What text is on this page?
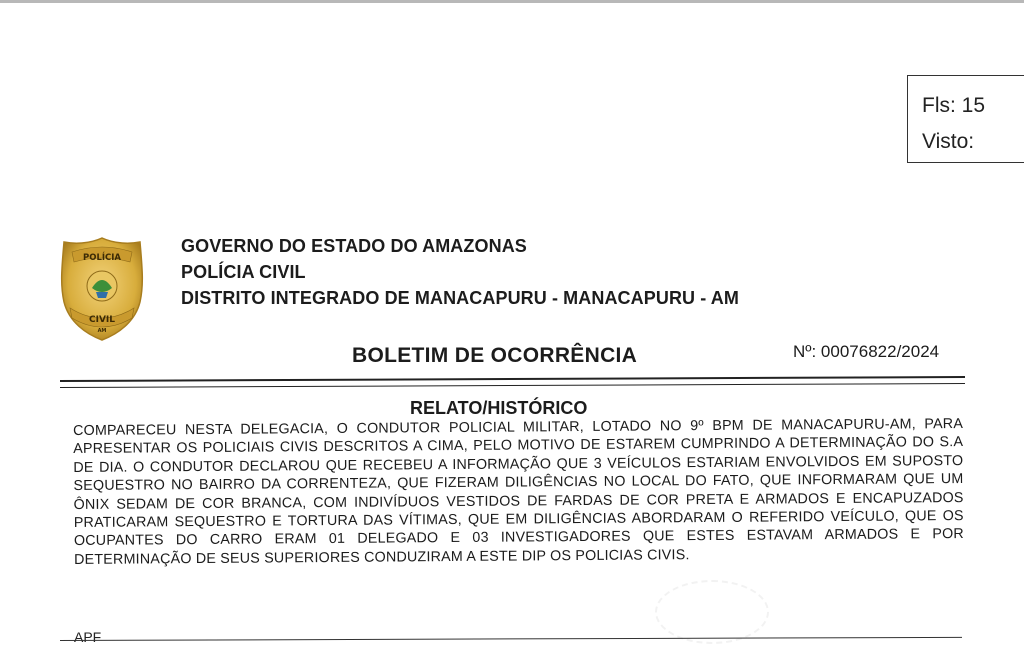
Fls: 15
Visto:
POLÍCIA
CIVIL
AM
GOVERNO DO ESTADO DO AMAZONAS
POLÍCIA CIVIL
DISTRITO INTEGRADO DE MANACAPURU - MANACAPURU - AM
BOLETIM DE OCORRÊNCIA	Nº: 00076822/2024
RELATO/HISTÓRICO
COMPARECEU NESTA DELEGACIA, O CONDUTOR POLICIAL MILITAR, LOTADO NO 9º BPM DE MANACAPURU-AM, PARA APRESENTAR OS POLICIAIS CIVIS DESCRITOS A CIMA, PELO MOTIVO DE ESTAREM CUMPRINDO A DETERMINAÇÃO DO S.A DE DIA. O CONDUTOR DECLAROU QUE RECEBEU A INFORMAÇÃO QUE 3 VEÍCULOS ESTARIAM ENVOLVIDOS EM SUPOSTO SEQUESTRO NO BAIRRO DA CORRENTEZA, QUE FIZERAM DILIGÊNCIAS NO LOCAL DO FATO, QUE INFORMARAM QUE UM ÔNIX SEDAM DE COR BRANCA, COM INDIVÍDUOS VESTIDOS DE FARDAS DE COR PRETA E ARMADOS E ENCAPUZADOS PRATICARAM SEQUESTRO E TORTURA DAS VÍTIMAS, QUE EM DILIGÊNCIAS ABORDARAM O REFERIDO VEÍCULO, QUE OS OCUPANTES DO CARRO ERAM 01 DELEGADO E 03 INVESTIGADORES QUE ESTES ESTAVAM ARMADOS E POR DETERMINAÇÃO DE SEUS SUPERIORES CONDUZIRAM A ESTE DIP OS POLICIAS CIVIS.
APF
